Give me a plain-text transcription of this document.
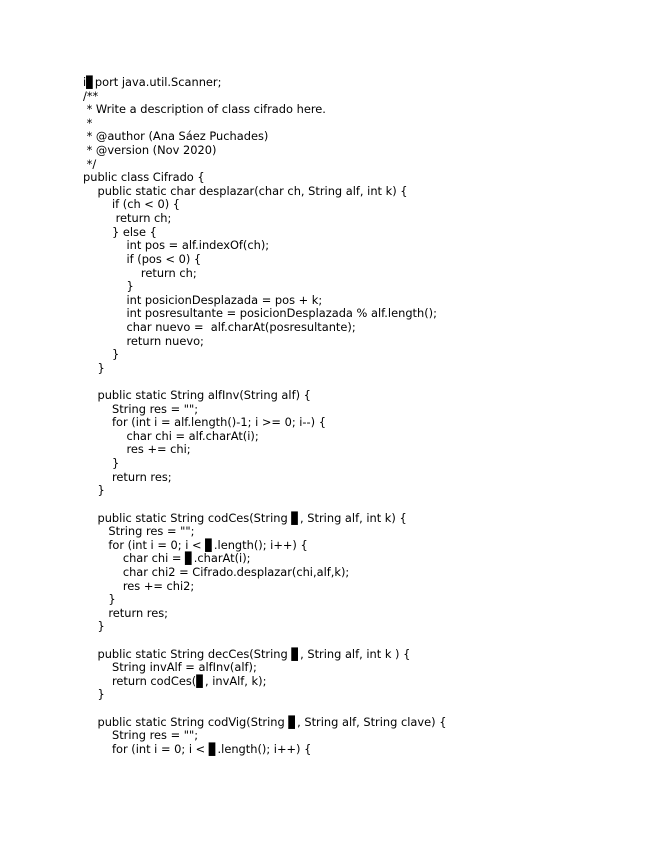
i▊port java.util.Scanner;

/**

* Write a description of class cifrado here.

*

* @author (Ana Sáez Puchades)

* @version (Nov 2020)

*/

public class Cifrado {

public static char desplazar(char ch, String alf, int k) {

if (ch < 0) {

return ch;

} else {

int pos = alf.indexOf(ch);

if (pos < 0) {

return ch;

}

int posicionDesplazada = pos + k;

int posresultante = posicionDesplazada % alf.length();

char nuevo =  alf.charAt(posresultante);

return nuevo;

}

}

public static String alfInv(String alf) {

String res = "";

for (int i = alf.length()-1; i >= 0; i--) {

char chi = alf.charAt(i);

res += chi;

}

return res;

}

public static String codCes(String ▊, String alf, int k) {

String res = "";

for (int i = 0; i < ▊.length(); i++) {

char chi = ▊.charAt(i);

char chi2 = Cifrado.desplazar(chi,alf,k);

res += chi2;

}

return res;

}

public static String decCes(String ▊, String alf, int k ) {

String invAlf = alfInv(alf);

return codCes(▊, invAlf, k);

}

public static String codVig(String ▊, String alf, String clave) {

String res = "";

for (int i = 0; i < ▊.length(); i++) {
